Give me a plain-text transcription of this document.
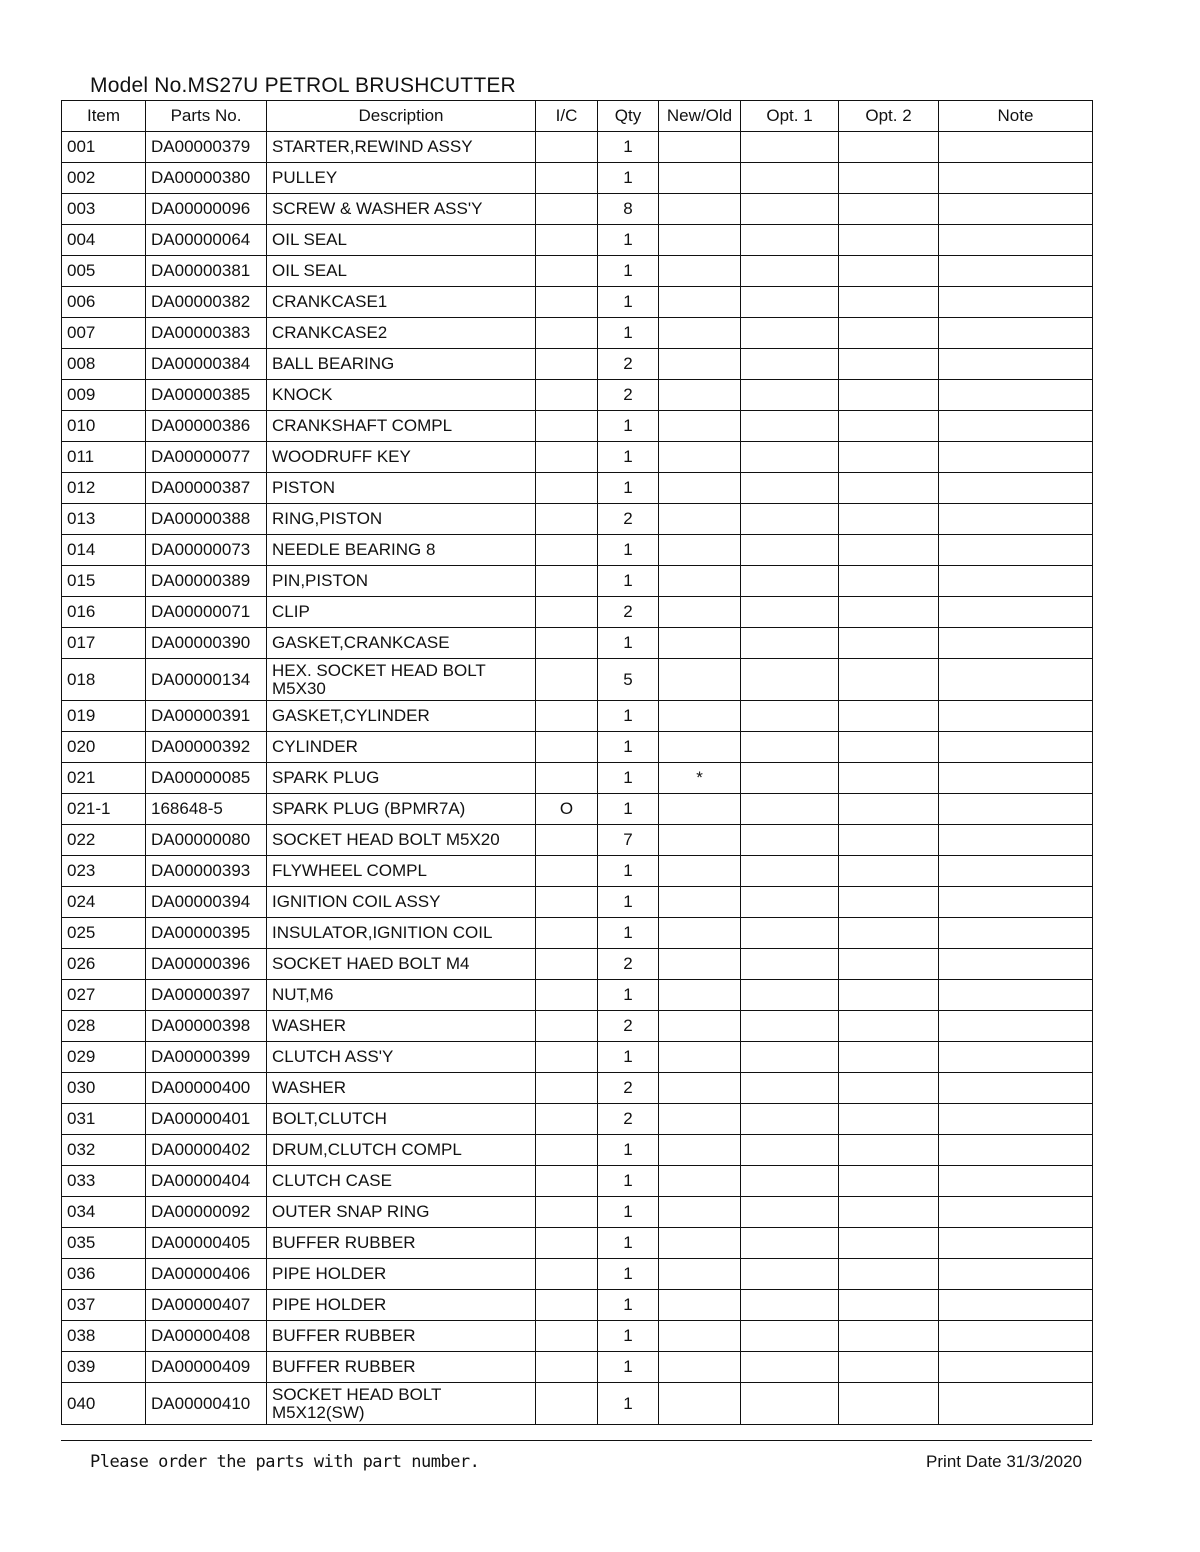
Model No.MS27U PETROL BRUSHCUTTER
Item	Parts No.	Description	I/C	Qty	New/Old	Opt. 1	Opt. 2	Note
001	DA00000379	STARTER,REWIND ASSY		1				
002	DA00000380	PULLEY		1				
003	DA00000096	SCREW & WASHER ASS'Y		8				
004	DA00000064	OIL SEAL		1				
005	DA00000381	OIL SEAL		1				
006	DA00000382	CRANKCASE1		1				
007	DA00000383	CRANKCASE2		1				
008	DA00000384	BALL BEARING		2				
009	DA00000385	KNOCK		2				
010	DA00000386	CRANKSHAFT COMPL		1				
011	DA00000077	WOODRUFF KEY		1				
012	DA00000387	PISTON		1				
013	DA00000388	RING,PISTON		2				
014	DA00000073	NEEDLE BEARING 8		1				
015	DA00000389	PIN,PISTON		1				
016	DA00000071	CLIP		2				
017	DA00000390	GASKET,CRANKCASE		1				
018	DA00000134	HEX. SOCKET HEAD BOLT M5X30		5				
019	DA00000391	GASKET,CYLINDER		1				
020	DA00000392	CYLINDER		1				
021	DA00000085	SPARK PLUG		1	*			
021-1	168648-5	SPARK PLUG (BPMR7A)	O	1				
022	DA00000080	SOCKET HEAD BOLT M5X20		7				
023	DA00000393	FLYWHEEL COMPL		1				
024	DA00000394	IGNITION COIL ASSY		1				
025	DA00000395	INSULATOR,IGNITION COIL		1				
026	DA00000396	SOCKET HAED BOLT M4		2				
027	DA00000397	NUT,M6		1				
028	DA00000398	WASHER		2				
029	DA00000399	CLUTCH ASS'Y		1				
030	DA00000400	WASHER		2				
031	DA00000401	BOLT,CLUTCH		2				
032	DA00000402	DRUM,CLUTCH COMPL		1				
033	DA00000404	CLUTCH CASE		1				
034	DA00000092	OUTER SNAP RING		1				
035	DA00000405	BUFFER RUBBER		1				
036	DA00000406	PIPE HOLDER		1				
037	DA00000407	PIPE HOLDER		1				
038	DA00000408	BUFFER RUBBER		1				
039	DA00000409	BUFFER RUBBER		1				
040	DA00000410	SOCKET HEAD BOLT M5X12(SW)		1				
Please order the parts with part number.	Print Date 31/3/2020
